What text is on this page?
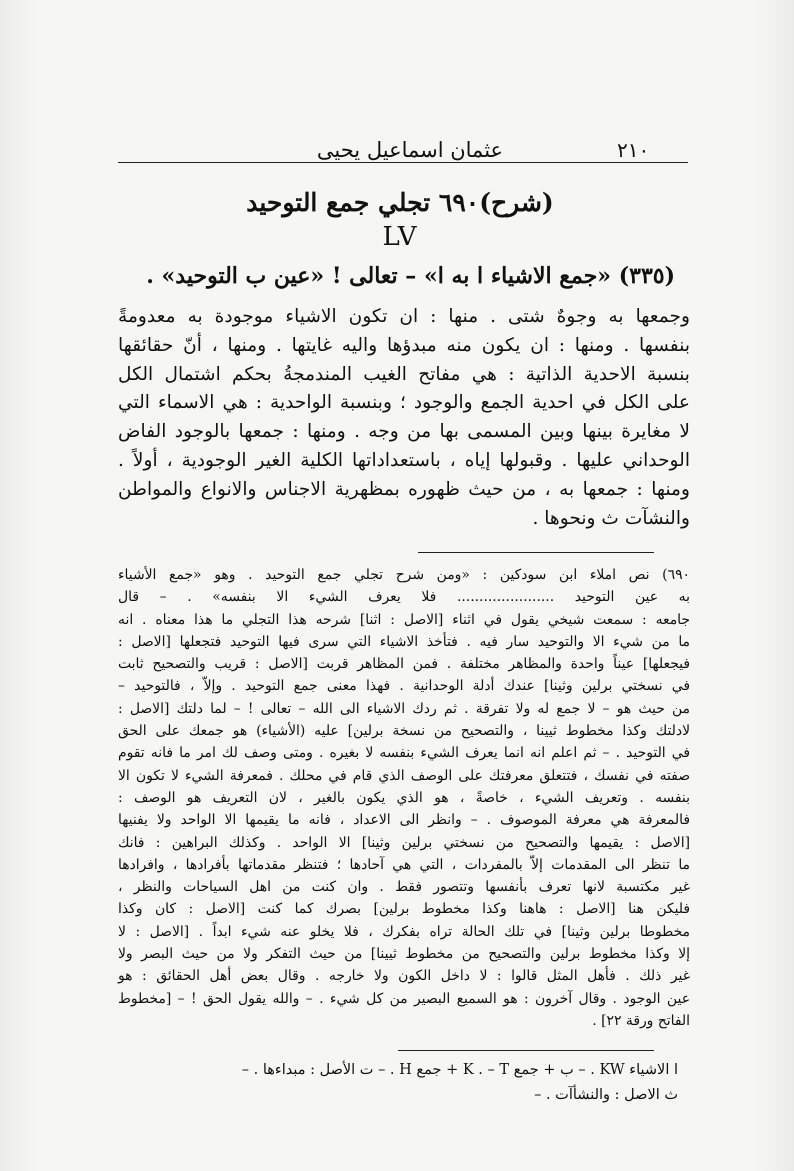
٢١٠
عثمان اسماعيل يحيى
(شرح)٦٩٠ تجلي جمع التوحيد
LV
(٣٣٥) «جمع الاشياء ا به ا» – تعالى ! «عين ب التوحيد» .
وجمعها به وجوهٌ شتى . منها : ان تكون الاشياء موجودة به معدومةً
بنفسها . ومنها : ان يكون منه مبدؤها واليه غايتها . ومنها ، أنّ حقائقها
بنسبة الاحدية الذاتية : هي مفاتح الغيب المندمجةُ بحكم اشتمال الكل
على الكل في احدية الجمع والوجود ؛ وبنسبة الواحدية : هي الاسماء التي
لا مغايرة بينها وبين المسمى بها من وجه . ومنها : جمعها بالوجود الفاض
الوحداني عليها . وقبولها إياه ، باستعداداتها الكلية الغير الوجودية ، أولاً .
ومنها : جمعها به ، من حيث ظهوره بمظهرية الاجناس والانواع والمواطن
والنشآت ث ونحوها .
٦٩٠) نص املاء ابن سودكين : «ومن شرح تجلي جمع التوحيد . وهو «جمع الأشياء
به عين التوحيد ...................... فلا يعرف الشيء الا بنفسه» . – قال
جامعه : سمعت شيخي يقول في اثناء [الاصل : اثنا] شرحه هذا التجلي ما هذا معناه . انه
ما من شيء الا والتوحيد سار فيه . فتأخذ الاشياء التي سرى فيها التوحيد فتجعلها [الاصل :
فيجعلها] عيناً واحدة والمظاهر مختلفة . فمن المظاهر قربت [الاصل : قريب والتصحيح ثابت
في نسختي برلين وثينا] عندك أدلة الوحدانية . فهذا معنى جمع التوحيد . وإلاّ ، فالتوحيد –
من حيث هو – لا جمع له ولا تفرقة . ثم ردك الاشياء الى الله – تعالى ! – لما دلتك [الاصل :
لادلتك وكذا مخطوط ثيينا ، والتصحيح من نسخة برلين] عليه (الأشياء) هو جمعك على الحق
في التوحيد . – ثم اعلم انه انما يعرف الشيء بنفسه لا بغيره . ومتى وصف لك امر ما فانه تقوم
صفته في نفسك ، فتتعلق معرفتك على الوصف الذي قام في محلك . فمعرفة الشيء لا تكون الا
بنفسه . وتعريف الشيء ، خاصةً ، هو الذي يكون بالغير ، لان التعريف هو الوصف :
فالمعرفة هي معرفة الموصوف . – وانظر الى الاعداد ، فانه ما يقيمها الا الواحد ولا يفنيها
[الاصل : يقيمها والتصحيح من نسختي برلين وثينا] الا الواحد . وكذلك البراهين : فانك
ما تنظر الى المقدمات إلاّ بالمفردات ، التي هي آحادها ؛ فتنظر مقدماتها بأفرادها ، وافرادها
غير مكتسبة لانها تعرف بأنفسها وتتصور فقط . وان كنت من اهل السياحات والنظر ،
فليكن هنا [الاصل : هاهنا وكذا مخطوط برلين] بصرك كما كنت [الاصل : كان وكذا
مخطوطا برلين وثينا] في تلك الحالة تراه بفكرك ، فلا يخلو عنه شيء ابداً . [الاصل : لا
إلا وكذا مخطوط برلين والتصحيح من مخطوط ثيينا] من حيث التفكر ولا من حيث البصر ولا
غير ذلك . فأهل المثل قالوا : لا داخل الكون ولا خارجه . وقال بعض أهل الحقائق : هو
عين الوجود . وقال آخرون : هو السميع البصير من كل شيء . – والله يقول الحق ! – [مخطوط
الفاتح ورقة ٢٢] .
ا الاشياء KW . – ب + جمع K . – T + جمع H . – ت الأصل : مبداءها . –
ث الاصل : والنشأآت . –
